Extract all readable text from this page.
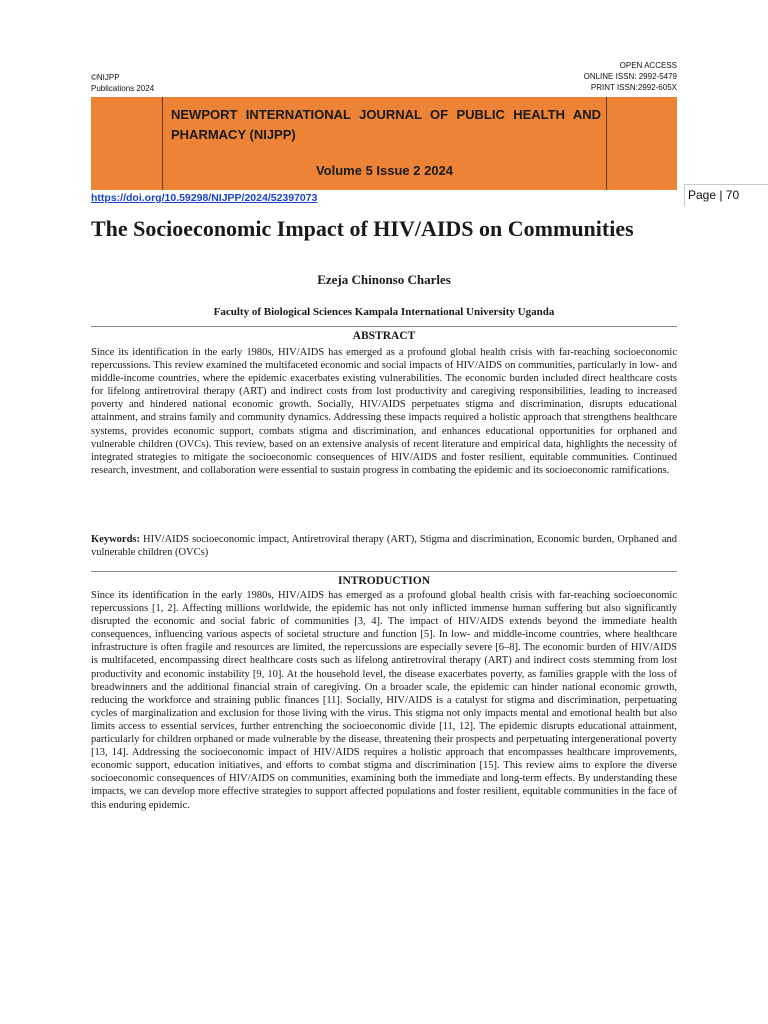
©NIJPP
Publications 2024
OPEN ACCESS
ONLINE ISSN: 2992-5479
PRINT ISSN:2992-605X
NEWPORT INTERNATIONAL JOURNAL OF PUBLIC HEALTH AND PHARMACY (NIJPP)
Volume 5 Issue 2 2024
https://doi.org/10.59298/NIJPP/2024/52397073	Page | 70
The Socioeconomic Impact of HIV/AIDS on Communities
Ezeja Chinonso Charles
Faculty of Biological Sciences Kampala International University Uganda
ABSTRACT
Since its identification in the early 1980s, HIV/AIDS has emerged as a profound global health crisis with far-reaching socioeconomic repercussions. This review examined the multifaceted economic and social impacts of HIV/AIDS on communities, particularly in low- and middle-income countries, where the epidemic exacerbates existing vulnerabilities. The economic burden included direct healthcare costs for lifelong antiretroviral therapy (ART) and indirect costs from lost productivity and caregiving responsibilities, leading to increased poverty and hindered national economic growth. Socially, HIV/AIDS perpetuates stigma and discrimination, disrupts educational attainment, and strains family and community dynamics. Addressing these impacts required a holistic approach that strengthens healthcare systems, provides economic support, combats stigma and discrimination, and enhances educational opportunities for orphaned and vulnerable children (OVCs). This review, based on an extensive analysis of recent literature and empirical data, highlights the necessity of integrated strategies to mitigate the socioeconomic consequences of HIV/AIDS and foster resilient, equitable communities. Continued research, investment, and collaboration were essential to sustain progress in combating the epidemic and its socioeconomic ramifications.
Keywords: HIV/AIDS socioeconomic impact, Antiretroviral therapy (ART), Stigma and discrimination, Economic burden, Orphaned and vulnerable children (OVCs)
INTRODUCTION
Since its identification in the early 1980s, HIV/AIDS has emerged as a profound global health crisis with far-reaching socioeconomic repercussions [1, 2]. Affecting millions worldwide, the epidemic has not only inflicted immense human suffering but also significantly disrupted the economic and social fabric of communities [3, 4]. The impact of HIV/AIDS extends beyond the immediate health consequences, influencing various aspects of societal structure and function [5]. In low- and middle-income countries, where healthcare infrastructure is often fragile and resources are limited, the repercussions are especially severe [6–8]. The economic burden of HIV/AIDS is multifaceted, encompassing direct healthcare costs such as lifelong antiretroviral therapy (ART) and indirect costs stemming from lost productivity and economic instability [9, 10]. At the household level, the disease exacerbates poverty, as families grapple with the loss of breadwinners and the additional financial strain of caregiving. On a broader scale, the epidemic can hinder national economic growth, reducing the workforce and straining public finances [11]. Socially, HIV/AIDS is a catalyst for stigma and discrimination, perpetuating cycles of marginalization and exclusion for those living with the virus. This stigma not only impacts mental and emotional health but also limits access to essential services, further entrenching the socioeconomic divide [11, 12]. The epidemic disrupts educational attainment, particularly for children orphaned or made vulnerable by the disease, threatening their prospects and perpetuating intergenerational poverty [13, 14]. Addressing the socioeconomic impact of HIV/AIDS requires a holistic approach that encompasses healthcare improvements, economic support, education initiatives, and efforts to combat stigma and discrimination [15]. This review aims to explore the diverse socioeconomic consequences of HIV/AIDS on communities, examining both the immediate and long-term effects. By understanding these impacts, we can develop more effective strategies to support affected populations and foster resilient, equitable communities in the face of this enduring epidemic.
